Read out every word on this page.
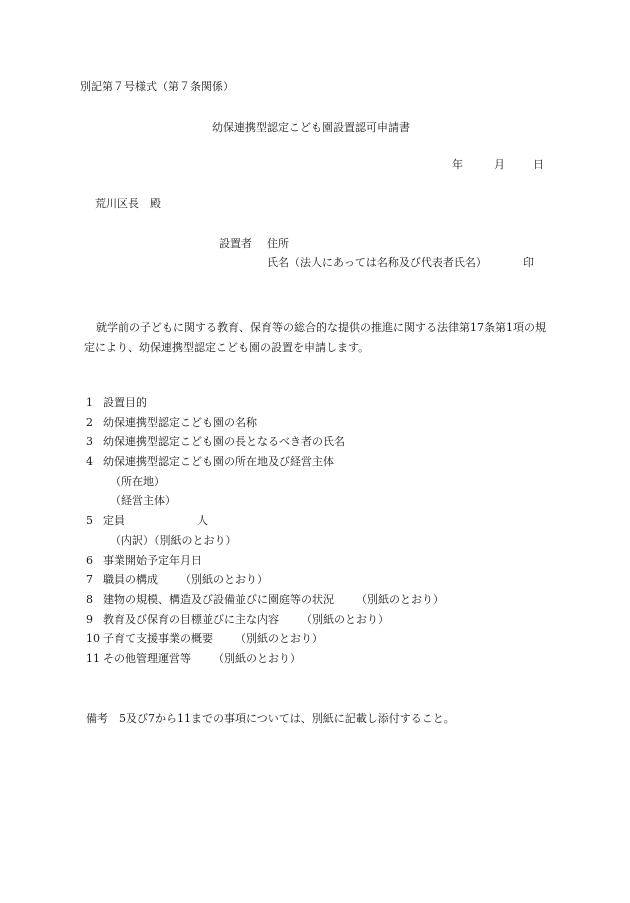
別記第７号様式（第７条関係）
幼保連携型認定こども園設置認可申請書
年	月	日
荒川区長　殿
設置者 住所
氏名（法人にあっては名称及び代表者氏名）	印
就学前の子どもに関する教育、保育等の総合的な提供の推進に関する法律第17条第1項の規定により、幼保連携型認定こども園の設置を申請します。
1 設置目的
2 幼保連携型認定こども園の名称
3 幼保連携型認定こども園の長となるべき者の氏名
4 幼保連携型認定こども園の所在地及び経営主体
（所在地）
（経営主体）
5 定員	人
（内訳）（別紙のとおり）
6 事業開始予定年月日
7 職員の構成 （別紙のとおり）
8 建物の規模、構造及び設備並びに園庭等の状況 （別紙のとおり）
9 教育及び保育の目標並びに主な内容 （別紙のとおり）
10 子育て支援事業の概要 （別紙のとおり）
11 その他管理運営等 （別紙のとおり）
備考　5及び7から11までの事項については、別紙に記載し添付すること。
